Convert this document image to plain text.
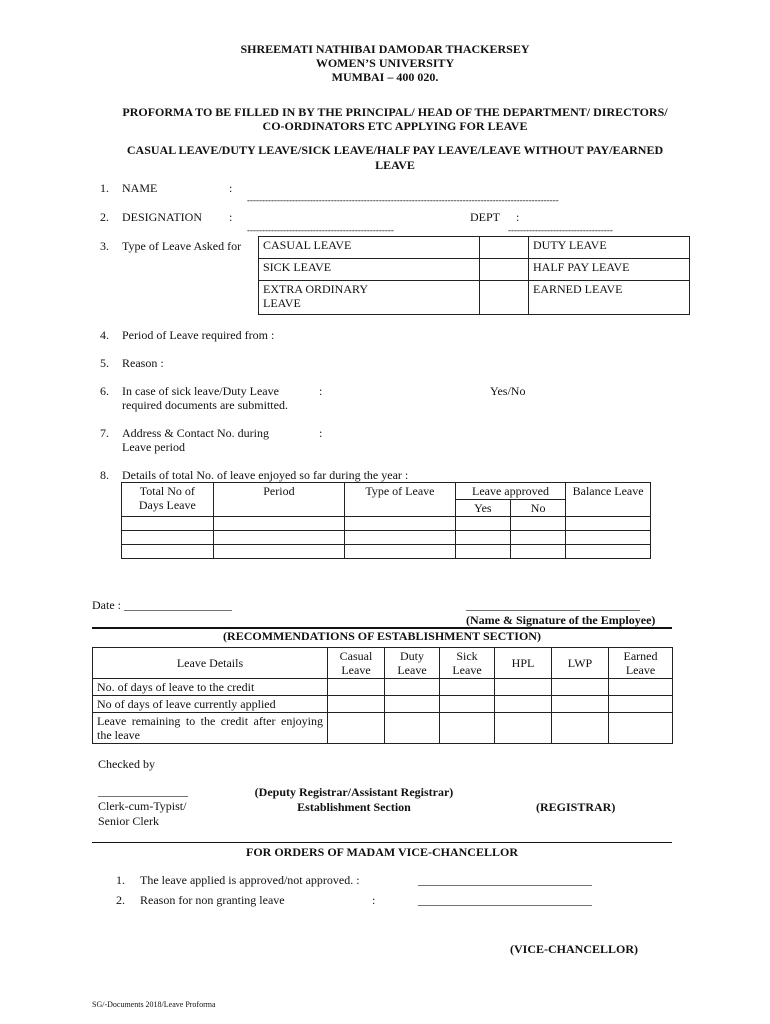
SHREEMATI NATHIBAI DAMODAR THACKERSEY
WOMEN’S UNIVERSITY
MUMBAI – 400 020.
PROFORMA TO BE FILLED IN BY THE PRINCIPAL/ HEAD OF THE DEPARTMENT/ DIRECTORS/
CO-ORDINATORS ETC APPLYING FOR LEAVE
CASUAL LEAVE/DUTY LEAVE/SICK LEAVE/HALF PAY LEAVE/LEAVE WITHOUT PAY/EARNED
LEAVE
1. NAME	:
--------------------------------------------------------------------------------------------------------
2. DESIGNATION :	DEPT :
-------------------------------------------------	-----------------------------------
3. Type of Leave Asked for CASUAL LEAVE		DUTY LEAVE
SICK LEAVE		HALF PAY LEAVE
EXTRA ORDINARY LEAVE		EARNED LEAVE
4. Period of Leave required from :
5. Reason :
6. In case of sick leave/Duty Leave
required documents are submitted.
:	Yes/No
7. Address & Contact No. during
Leave period
:
8. Details of total No. of leave enjoyed so far during the year :
Total No of Days Leave	Period	Type of Leave	Leave approved		Balance Leave
			Yes	No	

Date : __________________	_____________________________
(Name & Signature of the Employee)
(RECOMMENDATIONS OF ESTABLISHMENT SECTION)
Leave Details	Casual Leave	Duty Leave	Sick Leave	HPL	LWP	Earned Leave
No. of days of leave to the credit						
No of days of leave currently applied						
Leave remaining to the credit after enjoying the leave						
Checked by
_______________
Clerk-cum-Typist/
Senior Clerk
(Deputy Registrar/Assistant Registrar)
Establishment Section	(REGISTRAR)
FOR ORDERS OF MADAM VICE-CHANCELLOR
1. The leave applied is approved/not approved. :	_____________________________
2. Reason for non granting leave	:	_____________________________
(VICE-CHANCELLOR)
SG/-Documents 2018/Leave Proforma
